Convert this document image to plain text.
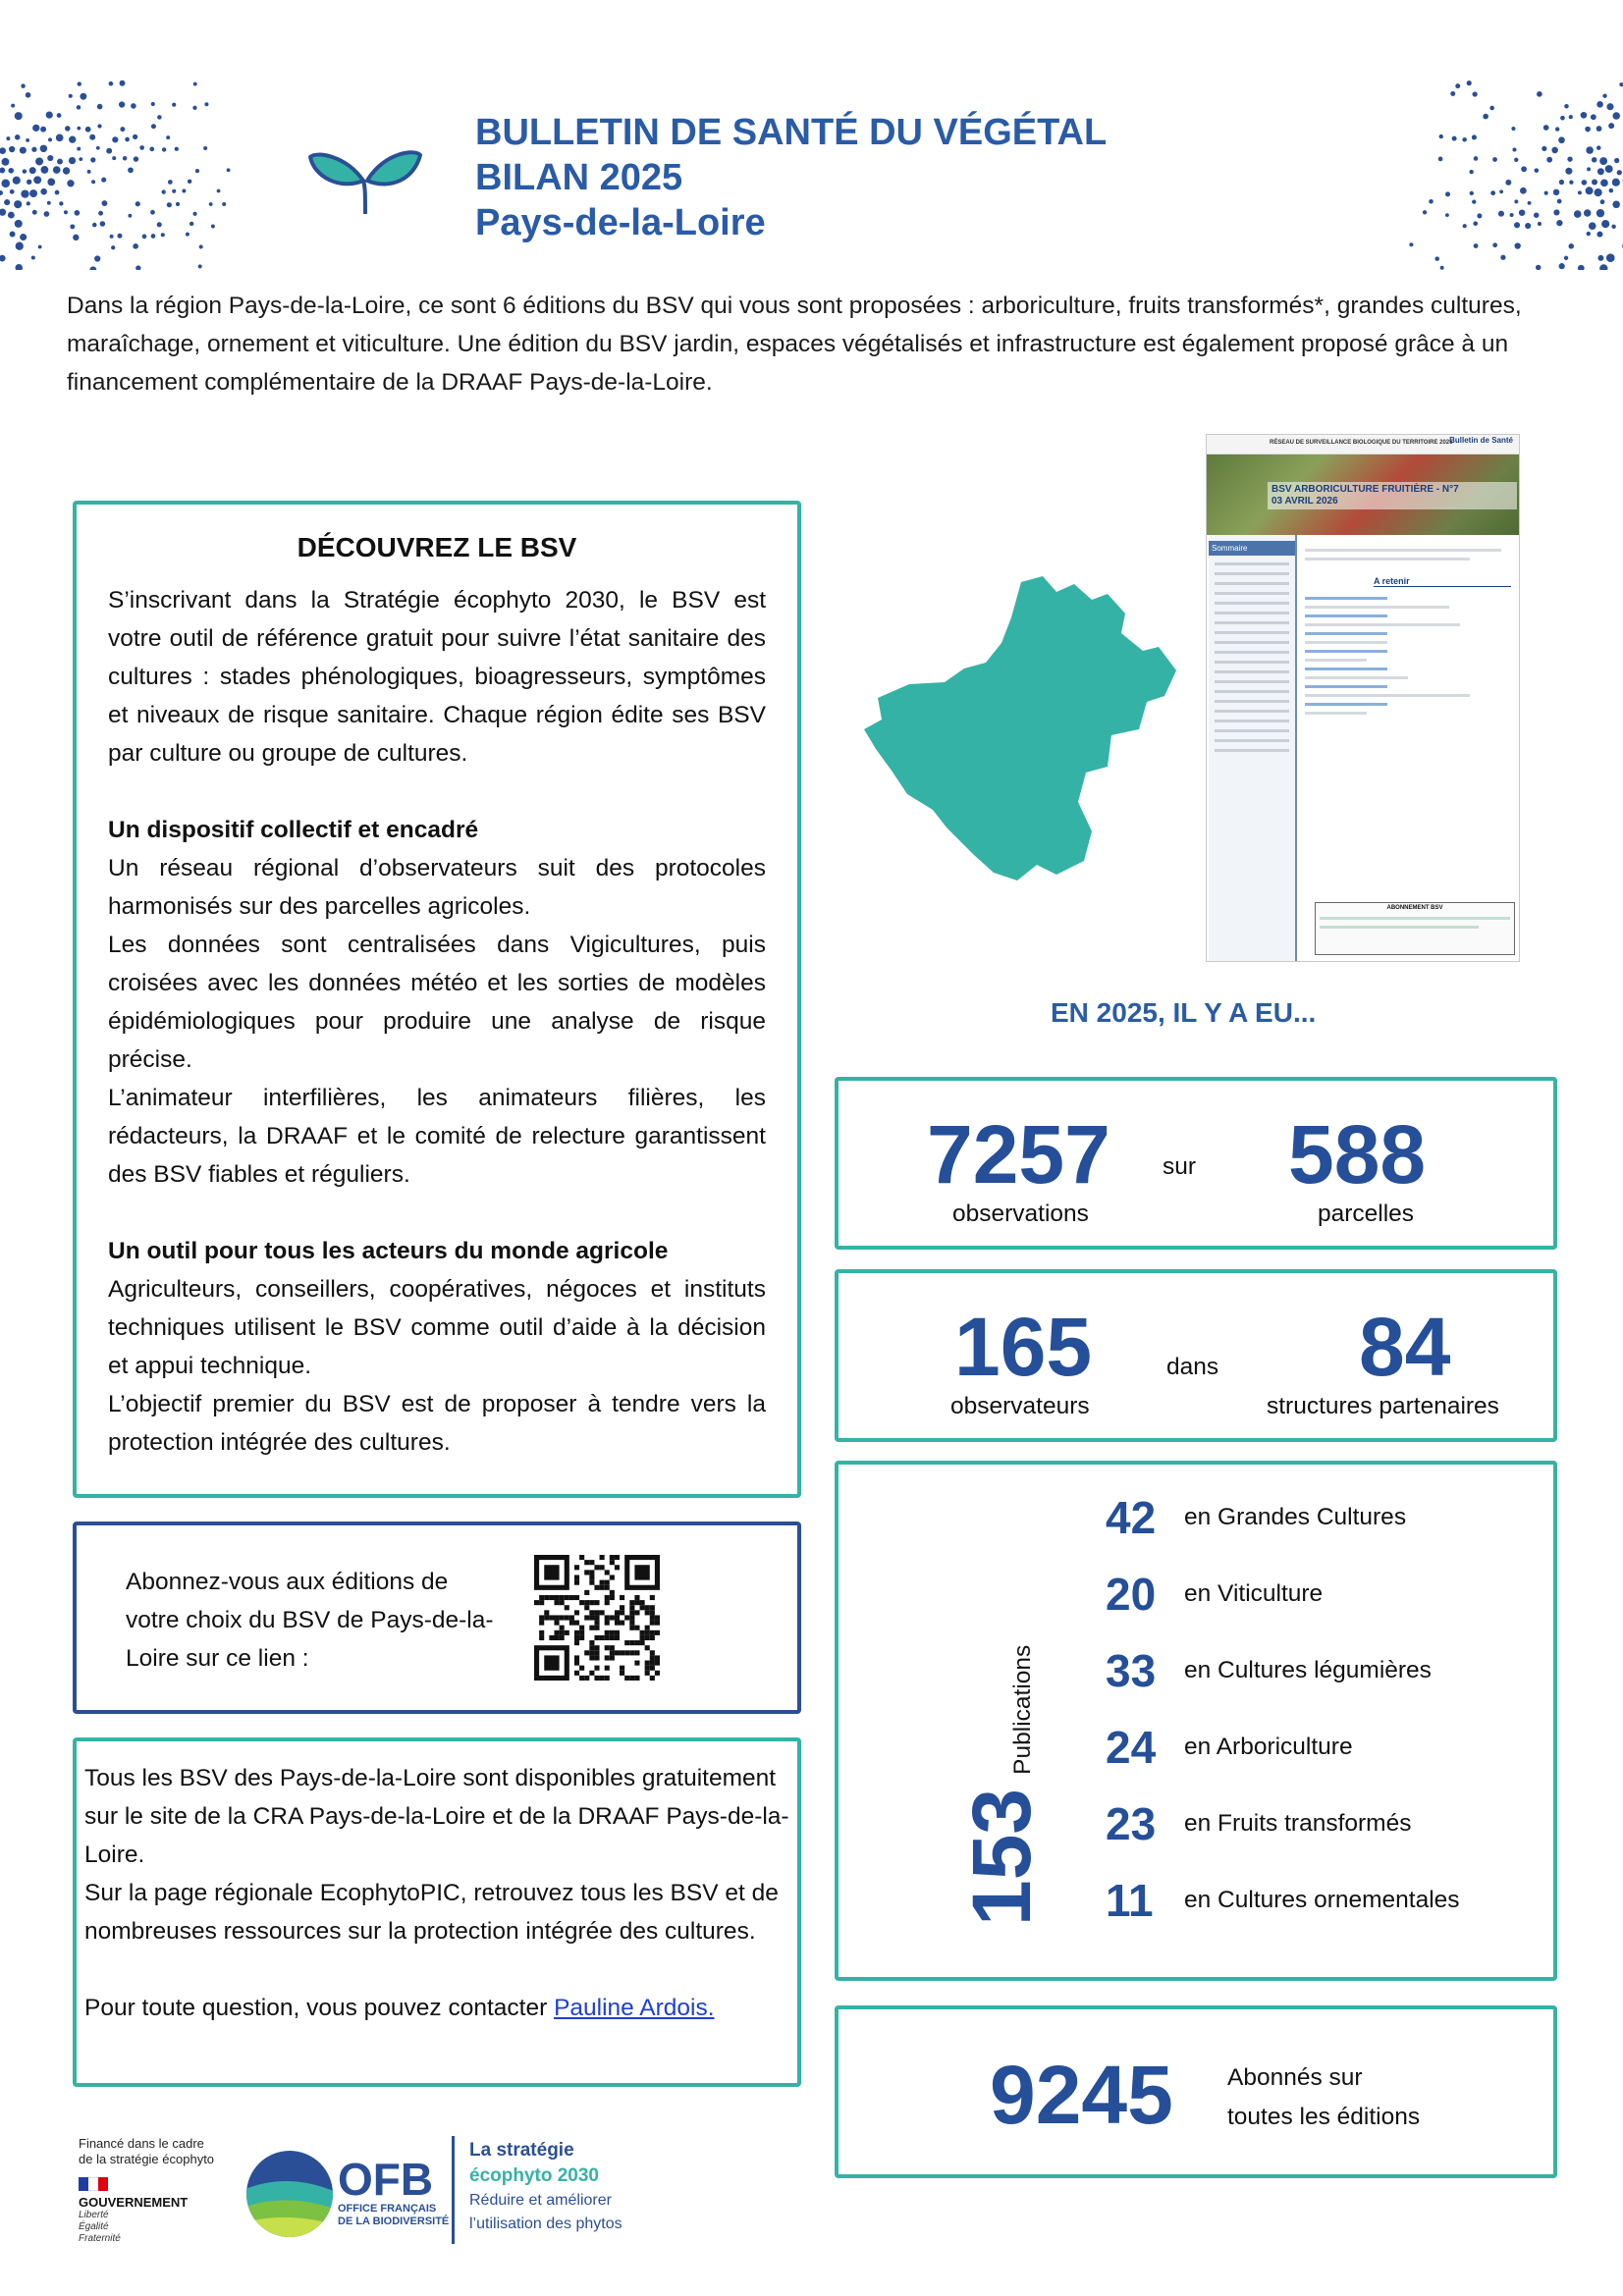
BULLETIN DE SANTÉ DU VÉGÉTAL
BILAN 2025
Pays-de-la-Loire

Dans la région Pays-de-la-Loire, ce sont 6 éditions du BSV qui vous sont proposées : arboriculture, fruits transformés*, grandes cultures, maraîchage, ornement et viticulture. Une édition du BSV jardin, espaces végétalisés et infrastructure est également proposé grâce à un financement complémentaire de la DRAAF Pays-de-la-Loire.

DÉCOUVREZ LE BSV

S’inscrivant dans la Stratégie écophyto 2030, le BSV est votre outil de référence gratuit pour suivre l’état sanitaire des cultures : stades phénologiques, bioagresseurs, symptômes et niveaux de risque sanitaire. Chaque région édite ses BSV par culture ou groupe de cultures.

Un dispositif collectif et encadré

Un réseau régional d’observateurs suit des protocoles harmonisés sur des parcelles agricoles.

Les données sont centralisées dans Vigicultures, puis croisées avec les données météo et les sorties de modèles épidémiologiques pour produire une analyse de risque précise.

L’animateur interfilières, les animateurs filières, les rédacteurs, la DRAAF et le comité de relecture garantissent des BSV fiables et réguliers.

Un outil pour tous les acteurs du monde agricole

Agriculteurs, conseillers, coopératives, négoces et instituts techniques utilisent le BSV comme outil d’aide à la décision et appui technique.

L’objectif premier du BSV est de proposer à tendre vers la protection intégrée des cultures.

Abonnez-vous aux éditions de votre choix du BSV de Pays-de-la-Loire sur ce lien :

Tous les BSV des Pays-de-la-Loire sont disponibles gratuitement sur le site de la CRA Pays-de-la-Loire et de la DRAAF Pays-de-la-Loire.

Sur la page régionale EcophytoPIC, retrouvez tous les BSV et de nombreuses ressources sur la protection intégrée des cultures.

Pour toute question, vous pouvez contacter Pauline Ardois.

Financé dans le cadre
de la stratégie écophyto
GOUVERNEMENT
Liberté
Égalité
Fraternité
OFB
OFFICE FRANÇAIS
DE LA BIODIVERSITÉ
La stratégie
écophyto 2030
Réduire et améliorer
l’utilisation des phytos
RÉSEAU DE SURVEILLANCE BIOLOGIQUE DU TERRITOIRE 2026
Bulletin de Santé
BSV ARBORICULTURE FRUITIÈRE - N°7
03 AVRIL 2026
Sommaire
A retenir
ABONNEMENT BSV
EN 2025, IL Y A EU...
7257
observations
sur 588
parcelles
165
observateurs
dans 84
structures partenaires
153
Publications
42	en Grandes Cultures
20	en Viticulture
33	en Cultures légumières
24	en Arboriculture
23	en Fruits transformés
11	en Cultures ornementales
9245 Abonnés sur
toutes les éditions
